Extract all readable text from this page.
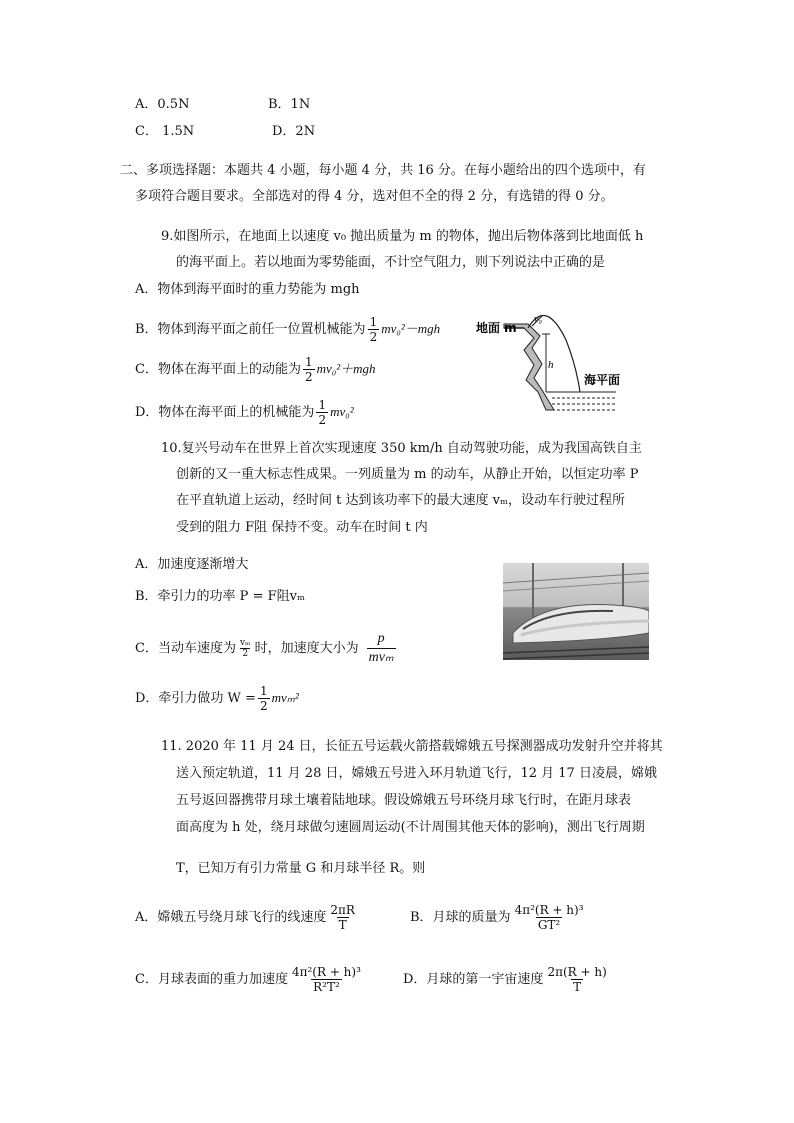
A．0.5N	B．1N
C． 1.5N	D．2N
二、多项选择题：本题共 4 小题，每小题 4 分，共 16 分。在每小题给出的四个选项中，有
多项符合题目要求。全部选对的得 4 分，选对但不全的得 2 分，有选错的得 0 分。
9.如图所示，在地面上以速度 v₀ 抛出质量为 m 的物体，抛出后物体落到比地面低 h
的海平面上。若以地面为零势能面，不计空气阻力，则下列说法中正确的是
A．物体到海平面时的重力势能为 mgh
B．物体到海平面之前任一位置机械能为 $\frac{1}{2} mv_0^2-mgh$
C．物体在海平面上的动能为 $\frac{1}{2} mv_0^2+mgh$
D．物体在海平面上的机械能为 $\frac{1}{2} mv_0^2$
地面 m
v₀
h
海平面
10.复兴号动车在世界上首次实现速度 350 km/h 自动驾驶功能，成为我国高铁自主
创新的又一重大标志性成果。一列质量为 m 的动车，从静止开始，以恒定功率 P
在平直轨道上运动，经时间 t 达到该功率下的最大速度 vₘ，设动车行驶过程所
受到的阻力 F阻 保持不变。动车在时间 t 内
A．加速度逐渐增大
B．牵引力的功率 P = F阻vₘ
C．当动车速度为 $\frac{\text{vₘ}}{2}$ 时，加速度大小为 $\frac{p}{\text{mvₘ}}$
D．牵引力做功 $W = \frac{1}{2} mv_m^2$
11. 2020 年 11 月 24 日，长征五号运载火箭搭载嫦娥五号探测器成功发射升空并将其
送入预定轨道，11 月 28 日，嫦娥五号进入环月轨道飞行，12 月 17 日凌晨，嫦娥
五号返回器携带月球土壤着陆地球。假设嫦娥五号环绕月球飞行时，在距月球表
面高度为 h 处，绕月球做匀速圆周运动(不计周围其他天体的影响)，测出飞行周期
T，已知万有引力常量 G 和月球半径 R。则
A．嫦娥五号绕月球飞行的线速度 $\frac{2\pi R}{T}$	B．月球的质量为 $\frac{\text{4π²(R + h)³}}{\text{GT²}}$
C．月球表面的重力加速度 $\frac{\text{4π²(R + h)³}}{\text{R²T²}}$	D．月球的第一宇宙速度 $\frac{2\pi(R + h)}{T}$
